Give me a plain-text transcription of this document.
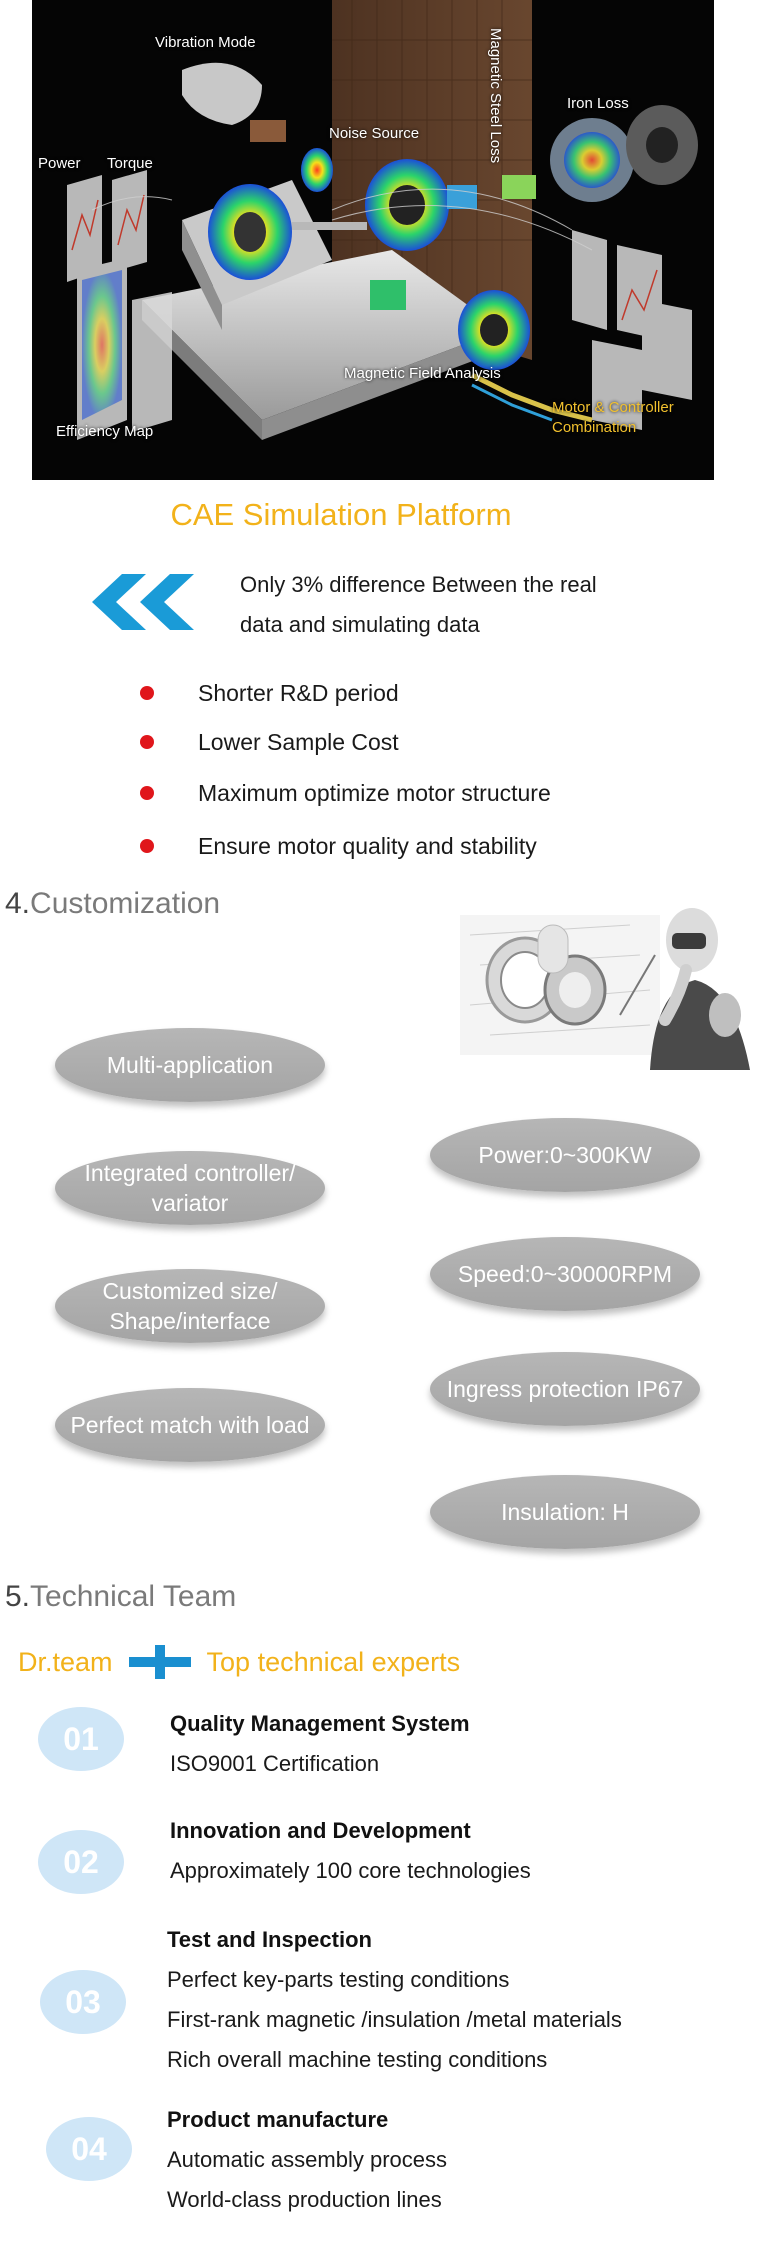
Vibration Mode
Noise Source	Magnetic Steel Loss	Iron Loss
Power Torque
Magnetic Field Analysis
Efficiency Map
Motor & Controller Combination
CAE Simulation Platform
Only 3% difference Between the real
data and simulating data
Shorter R&D period
Lower Sample Cost
Maximum optimize motor structure
Ensure motor quality and stability
4.Customization
Multi-application
Integrated controller/ variator
Customized size/ Shape/interface
Perfect match with load
Power:0~300KW
Speed:0~30000RPM
Ingress protection IP67
Insulation: H
5.Technical Team
Dr.team	Top technical experts
01	Quality Management System
ISO9001 Certification
02
Innovation and Development
Approximately 100 core technologies
03
Test and Inspection
Perfect key-parts testing conditions
First-rank magnetic /insulation /metal materials
Rich overall machine testing conditions
04
Product manufacture
Automatic assembly process
World-class production lines
